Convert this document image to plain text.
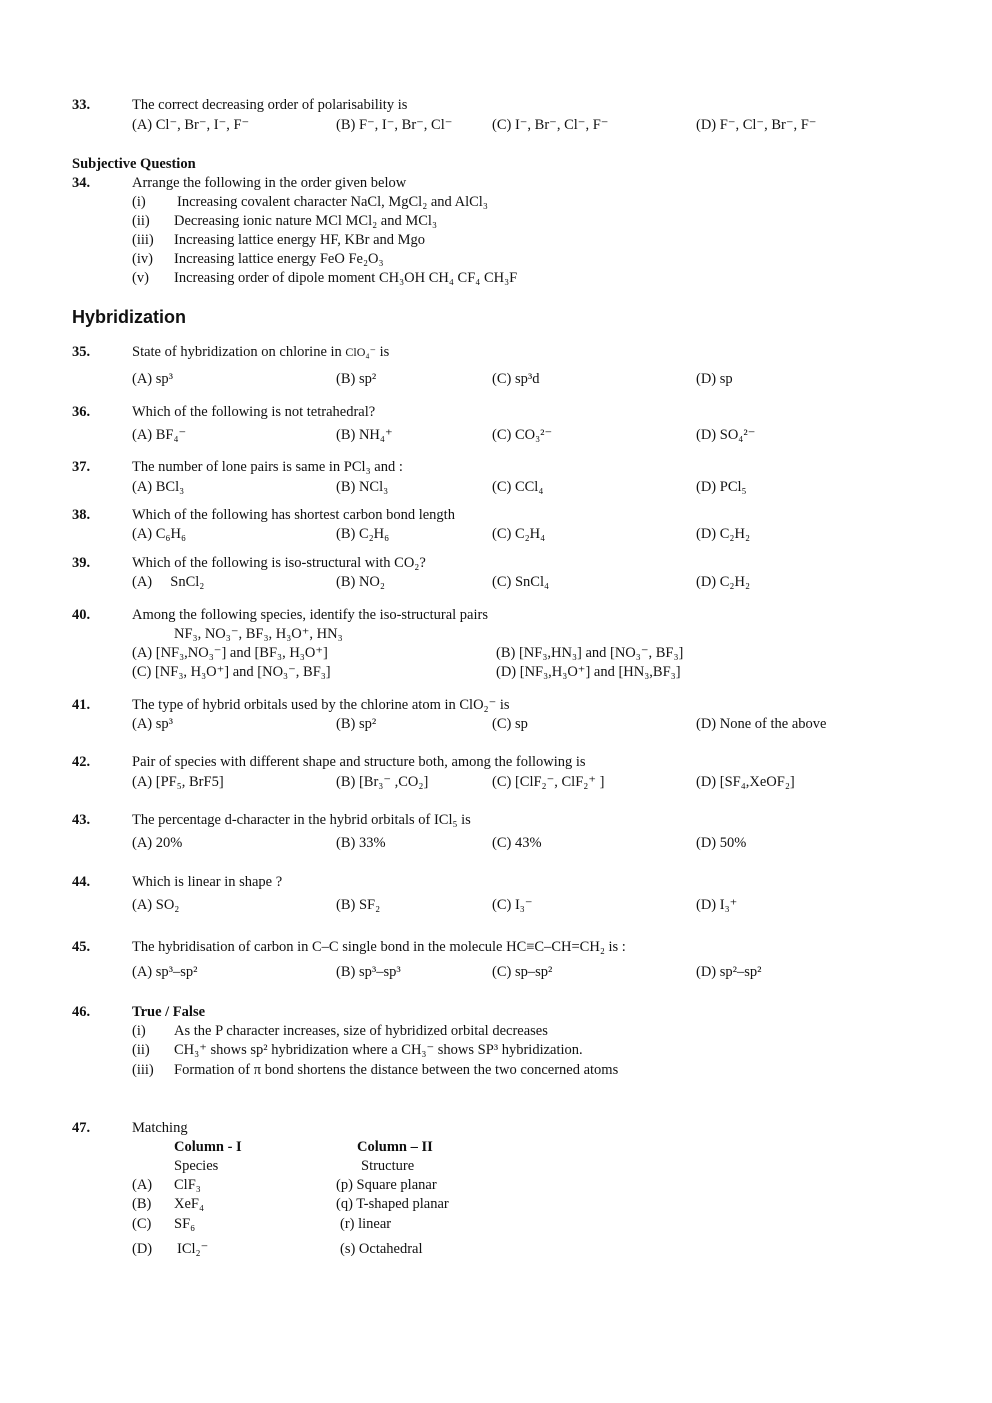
33.	The correct decreasing order of polarisability is
(A) Cl⁻, Br⁻, I⁻, F⁻	(B) F⁻, I⁻, Br⁻, Cl⁻	(C) I⁻, Br⁻, Cl⁻, F⁻	(D) F⁻, Cl⁻, Br⁻, F⁻
Subjective Question
34.	Arrange the following in the order given below
(i) Increasing covalent character NaCl, MgCl₂ and AlCl₃
(ii) Decreasing ionic nature MCl MCl₂ and MCl₃
(iii) Increasing lattice energy HF, KBr and Mgo
(iv) Increasing lattice energy FeO Fe₂O₃
(v) Increasing order of dipole moment CH₃OH CH₄ CF₄ CH₃F
Hybridization
35.	State of hybridization on chlorine in ClO₄⁻ is
(A) sp³	(B) sp²	(C) sp³d	(D) sp
36.	Which of the following is not tetrahedral?
(A) BF₄⁻	(B) NH₄⁺	(C) CO₃²⁻	(D) SO₄²⁻
37.	The number of lone pairs is same in PCl₃ and :
(A) BCl₃	(B) NCl₃	(C) CCl₄	(D) PCl₅
38.	Which of the following has shortest carbon bond length
(A) C₆H₆	(B) C₂H₆	(C) C₂H₄	(D) C₂H₂
39.	Which of the following is iso-structural with CO₂?
(A)     SnCl₂	(B) NO₂	(C) SnCl₄	(D) C₂H₂
40.	Among the following species, identify the iso-structural pairs
NF₃, NO₃⁻, BF₃, H₃O⁺, HN₃
(A) [NF₃,NO₃⁻] and [BF₃, H₃O⁺]	(B) [NF₃,HN₃] and [NO₃⁻, BF₃]
(C) [NF₃, H₃O⁺] and [NO₃⁻, BF₃]	(D) [NF₃,H₃O⁺] and [HN₃,BF₃]
41.	The type of hybrid orbitals used by the chlorine atom in ClO₂⁻ is
(A) sp³	(B) sp²	(C) sp	(D) None of the above
42.	Pair of species with different shape and structure both, among the following is
(A) [PF₅, BrF5]	(B) [Br₃⁻ ,CO₂]	(C) [ClF₂⁻, ClF₂⁺ ]	(D) [SF₄,XeOF₂]
43.	The percentage d-character in the hybrid orbitals of ICl₅ is
(A) 20%	(B) 33%	(C) 43%	(D) 50%
44.	Which is linear in shape ?
(A) SO₂	(B) SF₂	(C) I₃⁻	(D) I₃⁺
45.	The hybridisation of carbon in C–C single bond in the molecule HC≡C–CH=CH₂ is :
(A) sp³–sp²	(B) sp³–sp³	(C) sp–sp²	(D) sp²–sp²
46.	True / False
(i) As the P character increases, size of hybridized orbital decreases
(ii) CH₃⁺ shows sp² hybridization where a CH₃⁻ shows SP³ hybridization.
(iii) Formation of π bond shortens the distance between the two concerned atoms
47.	Matching
Column - I	Column – II
Species	Structure
(A) ClF₃	(p) Square planar
(B) XeF₄	(q) T-shaped planar
(C) SF₆	(r) linear
(D) ICl₂⁻	(s) Octahedral
